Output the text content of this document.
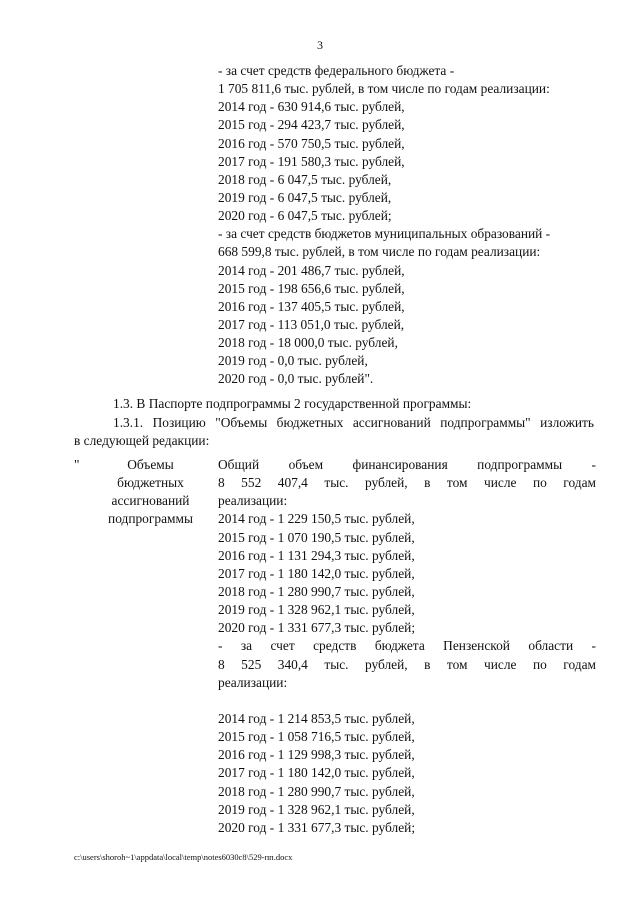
3
- за счет средств федерального бюджета -
1 705 811,6 тыс. рублей, в том числе по годам реализации:
2014 год - 630 914,6 тыс. рублей,
2015 год - 294 423,7 тыс. рублей,
2016 год - 570 750,5 тыс. рублей,
2017 год - 191 580,3 тыс. рублей,
2018 год - 6 047,5 тыс. рублей,
2019 год - 6 047,5 тыс. рублей,
2020 год - 6 047,5 тыс. рублей;
- за счет средств бюджетов муниципальных образований -
668 599,8 тыс. рублей, в том числе по годам реализации:
2014 год - 201 486,7 тыс. рублей,
2015 год - 198 656,6 тыс. рублей,
2016 год - 137 405,5 тыс. рублей,
2017 год - 113 051,0 тыс. рублей,
2018 год - 18 000,0 тыс. рублей,
2019 год - 0,0 тыс. рублей,
2020 год - 0,0 тыс. рублей".
1.3. В Паспорте подпрограммы 2 государственной программы:
1.3.1. Позицию "Объемы бюджетных ассигнований подпрограммы" изложить
в следующей редакции:
"	Объемы
бюджетных
ассигнований
подпрограммы
Общий объем финансирования подпрограммы -
8 552 407,4 тыс. рублей, в том числе по годам
реализации:
2014 год - 1 229 150,5 тыс. рублей,
2015 год - 1 070 190,5 тыс. рублей,
2016 год - 1 131 294,3 тыс. рублей,
2017 год - 1 180 142,0 тыс. рублей,
2018 год - 1 280 990,7 тыс. рублей,
2019 год - 1 328 962,1 тыс. рублей,
2020 год - 1 331 677,3 тыс. рублей;
- за счет средств бюджета Пензенской области -
8 525 340,4 тыс. рублей, в том числе по годам
реализации:
2014 год - 1 214 853,5 тыс. рублей,
2015 год - 1 058 716,5 тыс. рублей,
2016 год - 1 129 998,3 тыс. рублей,
2017 год - 1 180 142,0 тыс. рублей,
2018 год - 1 280 990,7 тыс. рублей,
2019 год - 1 328 962,1 тыс. рублей,
2020 год - 1 331 677,3 тыс. рублей;
c:\users\shoroh~1\appdata\local\temp\notes6030c8\529-пп.docx
